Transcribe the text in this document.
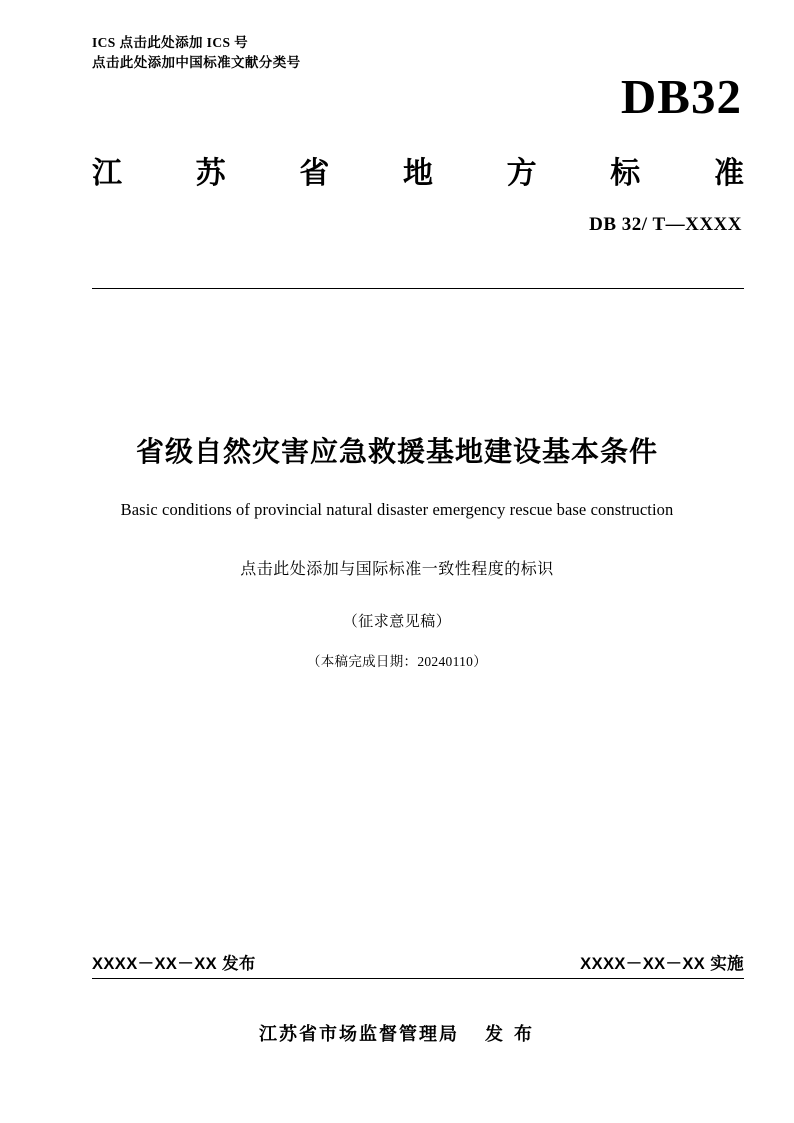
ICS 点击此处添加 ICS 号
点击此处添加中国标准文献分类号
DB32
江 苏 省 地 方 标 准
DB 32/ T—XXXX
省级自然灾害应急救援基地建设基本条件
Basic conditions of provincial natural disaster emergency rescue base construction
点击此处添加与国际标准一致性程度的标识
（征求意见稿）
（本稿完成日期：20240110）
XXXX－XX－XX 发布	XXXX－XX－XX 实施
江苏省市场监督管理局 发 布
